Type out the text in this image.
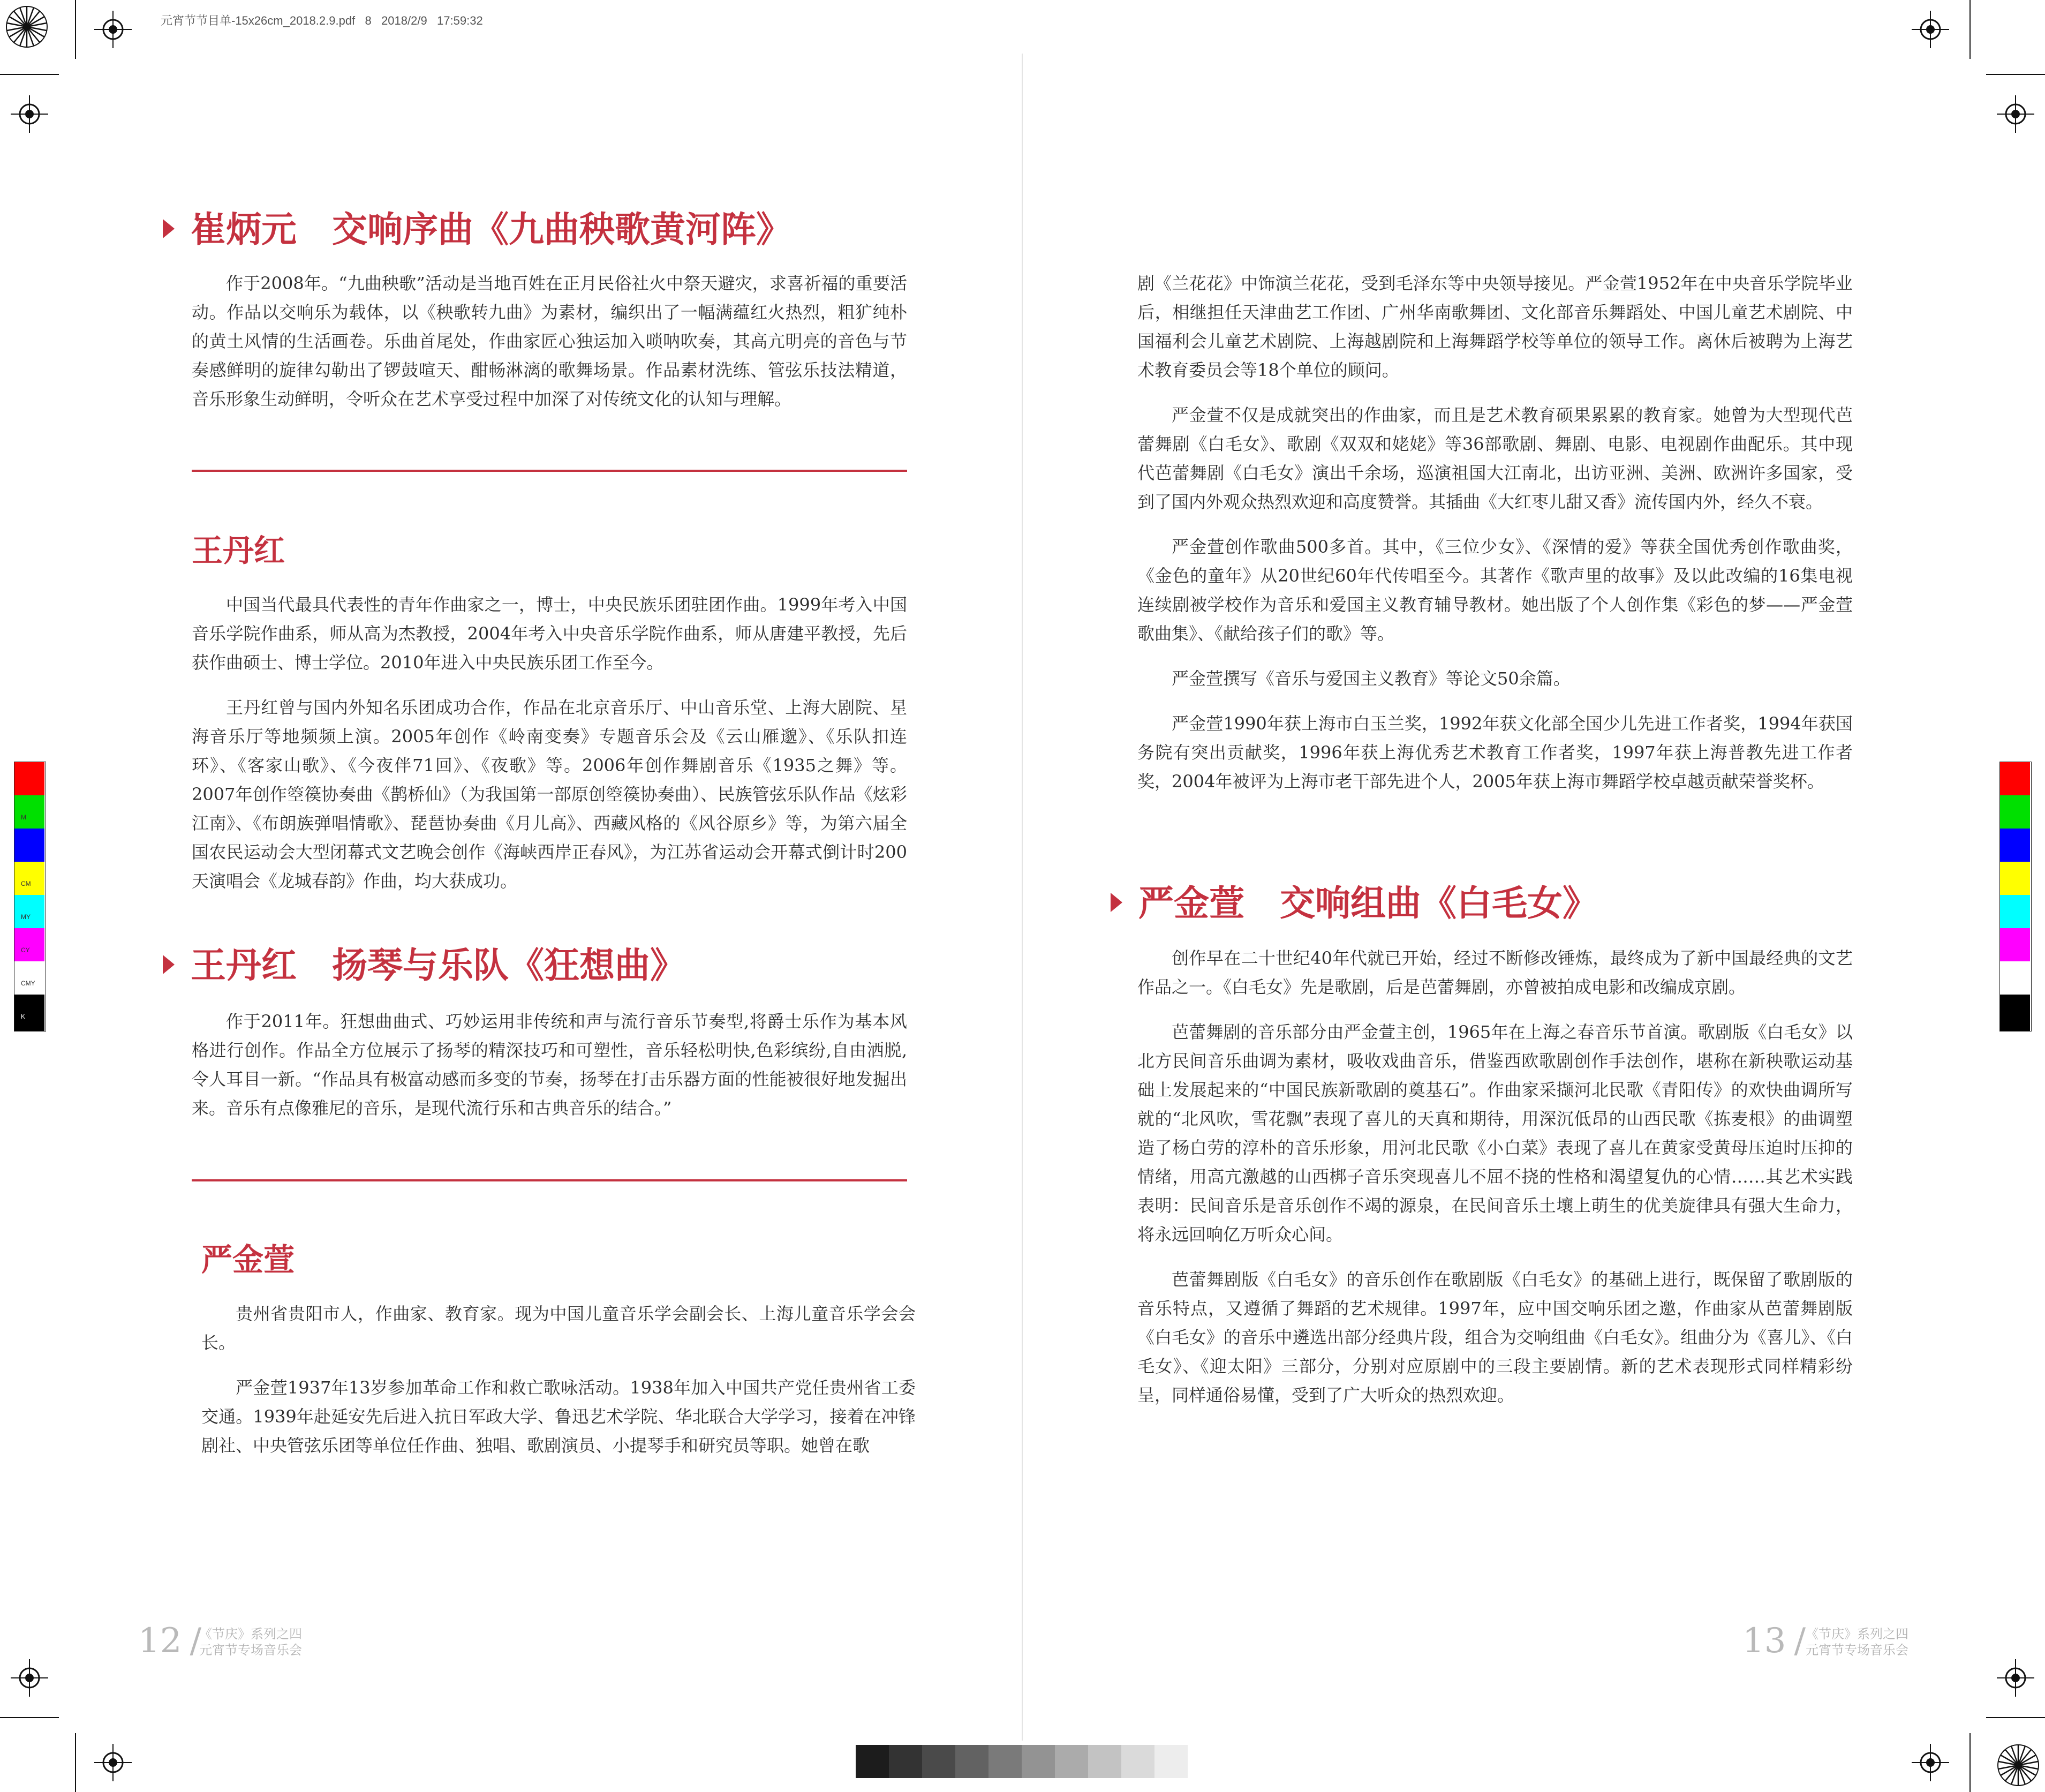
元宵节节目单-15x26cm_2018.2.9.pdf   8   2018/2/9   17:59:32
M
CM
MY
CY
CMY
K
崔炳元　交响序曲《九曲秧歌黄河阵》

作于2008年。“九曲秧歌”活动是当地百姓在正月民俗社火中祭天避灾，求喜祈福的重要活动。作品以交响乐为载体，以《秧歌转九曲》为素材，编织出了一幅满蕴红火热烈，粗犷纯朴的黄土风情的生活画卷。乐曲首尾处，作曲家匠心独运加入唢呐吹奏，其高亢明亮的音色与节奏感鲜明的旋律勾勒出了锣鼓喧天、酣畅淋漓的歌舞场景。作品素材洗练、管弦乐技法精道，音乐形象生动鲜明，令听众在艺术享受过程中加深了对传统文化的认知与理解。

王丹红

中国当代最具代表性的青年作曲家之一，博士，中央民族乐团驻团作曲。1999年考入中国音乐学院作曲系，师从高为杰教授，2004年考入中央音乐学院作曲系，师从唐建平教授，先后获作曲硕士、博士学位。2010年进入中央民族乐团工作至今。

王丹红曾与国内外知名乐团成功合作，作品在北京音乐厅、中山音乐堂、上海大剧院、星海音乐厅等地频频上演。2005年创作《岭南变奏》专题音乐会及《云山雁邈》、《乐队扣连环》、《客家山歌》、《今夜伴71回》、《夜歌》等。2006年创作舞剧音乐《1935之舞》等。2007年创作箜篌协奏曲《鹊桥仙》（为我国第一部原创箜篌协奏曲）、民族管弦乐队作品《炫彩江南》、《布朗族弹唱情歌》、琵琶协奏曲《月儿高》、西藏风格的《风谷原乡》等，为第六届全国农民运动会大型闭幕式文艺晚会创作《海峡西岸正春风》，为江苏省运动会开幕式倒计时200天演唱会《龙城春韵》作曲，均大获成功。

王丹红　扬琴与乐队《狂想曲》

作于2011年。狂想曲曲式、巧妙运用非传统和声与流行音乐节奏型,将爵士乐作为基本风格进行创作。作品全方位展示了扬琴的精深技巧和可塑性，音乐轻松明快,色彩缤纷,自由洒脱,令人耳目一新。“作品具有极富动感而多变的节奏，扬琴在打击乐器方面的性能被很好地发掘出来。音乐有点像雅尼的音乐，是现代流行乐和古典音乐的结合。”

严金萱

贵州省贵阳市人，作曲家、教育家。现为中国儿童音乐学会副会长、上海儿童音乐学会会长。

严金萱1937年13岁参加革命工作和救亡歌咏活动。1938年加入中国共产党任贵州省工委交通。1939年赴延安先后进入抗日军政大学、鲁迅艺术学院、华北联合大学学习，接着在冲锋剧社、中央管弦乐团等单位任作曲、独唱、歌剧演员、小提琴手和研究员等职。她曾在歌

12 /
《节庆》系列之四
元宵节专场音乐会

剧《兰花花》中饰演兰花花，受到毛泽东等中央领导接见。严金萱1952年在中央音乐学院毕业后，相继担任天津曲艺工作团、广州华南歌舞团、文化部音乐舞蹈处、中国儿童艺术剧院、中国福利会儿童艺术剧院、上海越剧院和上海舞蹈学校等单位的领导工作。离休后被聘为上海艺术教育委员会等18个单位的顾问。

严金萱不仅是成就突出的作曲家，而且是艺术教育硕果累累的教育家。她曾为大型现代芭蕾舞剧《白毛女》、歌剧《双双和姥姥》等36部歌剧、舞剧、电影、电视剧作曲配乐。其中现代芭蕾舞剧《白毛女》演出千余场，巡演祖国大江南北，出访亚洲、美洲、欧洲许多国家，受到了国内外观众热烈欢迎和高度赞誉。其插曲《大红枣儿甜又香》流传国内外，经久不衰。

严金萱创作歌曲500多首。其中，《三位少女》、《深情的爱》等获全国优秀创作歌曲奖，《金色的童年》从20世纪60年代传唱至今。其著作《歌声里的故事》及以此改编的16集电视连续剧被学校作为音乐和爱国主义教育辅导教材。她出版了个人创作集《彩色的梦——严金萱歌曲集》、《献给孩子们的歌》等。

严金萱撰写《音乐与爱国主义教育》等论文50余篇。

严金萱1990年获上海市白玉兰奖，1992年获文化部全国少儿先进工作者奖，1994年获国务院有突出贡献奖，1996年获上海优秀艺术教育工作者奖，1997年获上海普教先进工作者奖，2004年被评为上海市老干部先进个人，2005年获上海市舞蹈学校卓越贡献荣誉奖杯。

严金萱　交响组曲《白毛女》

创作早在二十世纪40年代就已开始，经过不断修改锤炼，最终成为了新中国最经典的文艺作品之一。《白毛女》先是歌剧，后是芭蕾舞剧，亦曾被拍成电影和改编成京剧。

芭蕾舞剧的音乐部分由严金萱主创，1965年在上海之春音乐节首演。歌剧版《白毛女》以北方民间音乐曲调为素材，吸收戏曲音乐，借鉴西欧歌剧创作手法创作，堪称在新秧歌运动基础上发展起来的“中国民族新歌剧的奠基石”。作曲家采撷河北民歌《青阳传》的欢快曲调所写就的“北风吹，雪花飘”表现了喜儿的天真和期待，用深沉低昂的山西民歌《拣麦根》的曲调塑造了杨白劳的淳朴的音乐形象，用河北民歌《小白菜》表现了喜儿在黄家受黄母压迫时压抑的情绪，用高亢激越的山西梆子音乐突现喜儿不屈不挠的性格和渴望复仇的心情……其艺术实践表明：民间音乐是音乐创作不竭的源泉，在民间音乐土壤上萌生的优美旋律具有强大生命力，将永远回响亿万听众心间。

芭蕾舞剧版《白毛女》的音乐创作在歌剧版《白毛女》的基础上进行，既保留了歌剧版的音乐特点，又遵循了舞蹈的艺术规律。1997年，应中国交响乐团之邀，作曲家从芭蕾舞剧版《白毛女》的音乐中遴选出部分经典片段，组合为交响组曲《白毛女》。组曲分为《喜儿》、《白毛女》、《迎太阳》三部分，分别对应原剧中的三段主要剧情。新的艺术表现形式同样精彩纷呈，同样通俗易懂，受到了广大听众的热烈欢迎。

13 / 《节庆》系列之四
元宵节专场音乐会
